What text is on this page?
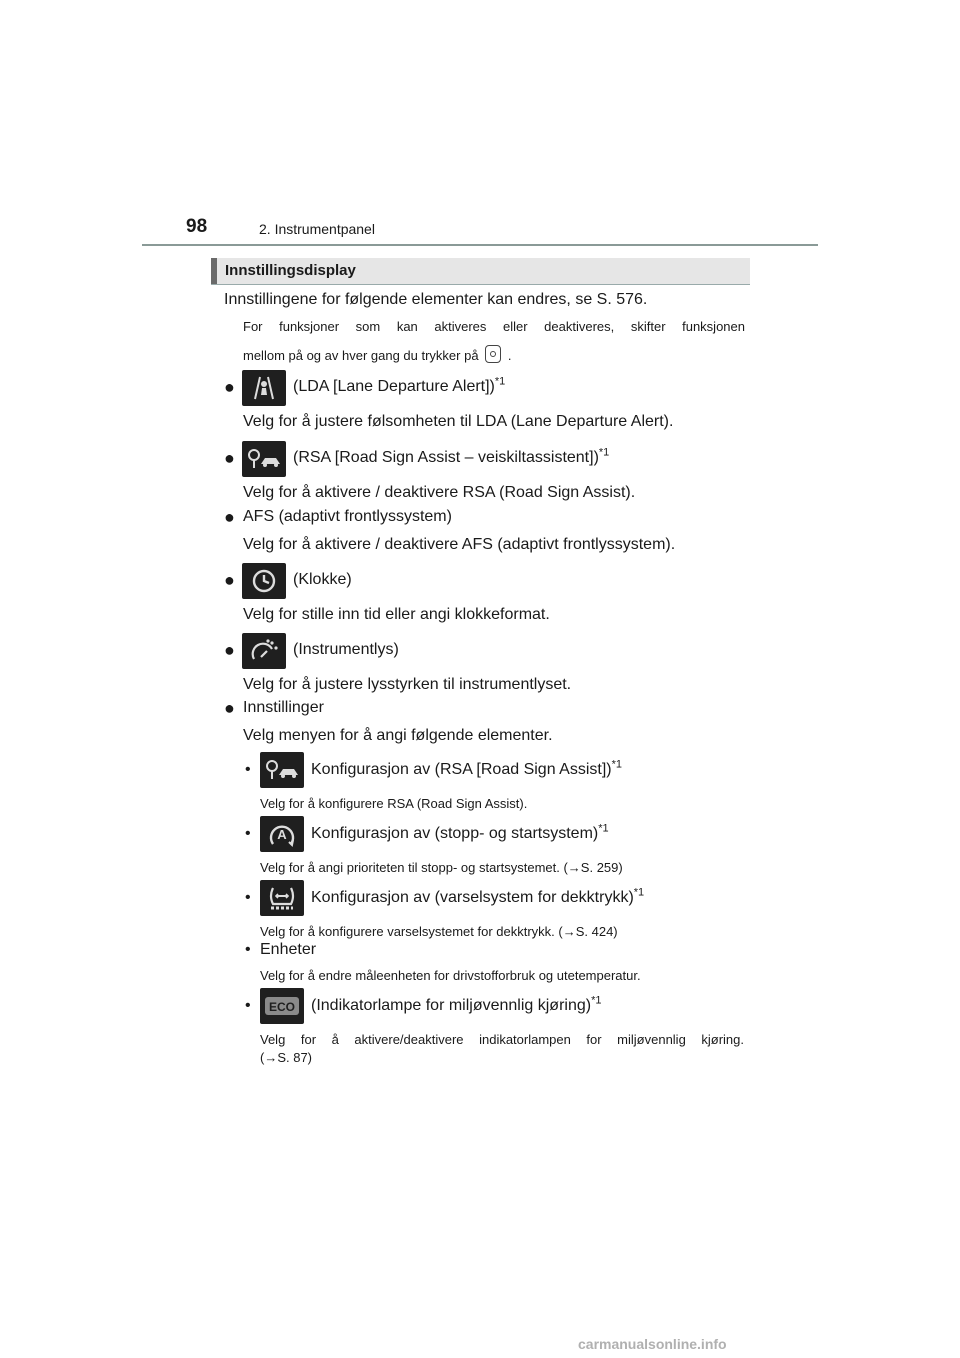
98	2. Instrumentpanel
Innstillingsdisplay
Innstillingene for følgende elementer kan endres, se S. 576.
For funksjoner som kan aktiveres eller deaktiveres, skifter funksjonen
mellom på og av hver gang du trykker på .
●	(LDA [Lane Departure Alert])$^{*1}$
Velg for å justere følsomheten til LDA (Lane Departure Alert).
●	(RSA [Road Sign Assist – veiskiltassistent])$^{*1}$
Velg for å aktivere / deaktivere RSA (Road Sign Assist).
● AFS (adaptivt frontlyssystem)
Velg for å aktivere / deaktivere AFS (adaptivt frontlyssystem).
●	(Klokke)
Velg for stille inn tid eller angi klokkeformat.
●	(Instrumentlys)
Velg for å justere lysstyrken til instrumentlyset.
● Innstillinger
Velg menyen for å angi følgende elementer.
•	Konfigurasjon av (RSA [Road Sign Assist])$^{*1}$
Velg for å konfigurere RSA (Road Sign Assist).
• A Konfigurasjon av (stopp- og startsystem)$^{*1}$
Velg for å angi prioriteten til stopp- og startsystemet. (→S. 259)
•	Konfigurasjon av (varselsystem for dekktrykk)$^{*1}$
Velg for å konfigurere varselsystemet for dekktrykk. (→S. 424)
• Enheter
Velg for å endre måleenheten for drivstofforbruk og utetemperatur.
• ECO (Indikatorlampe for miljøvennlig kjøring)$^{*1}$
Velg for å aktivere/deaktivere indikatorlampen for miljøvennlig kjøring.
(→S. 87)
carmanualsonline.info
